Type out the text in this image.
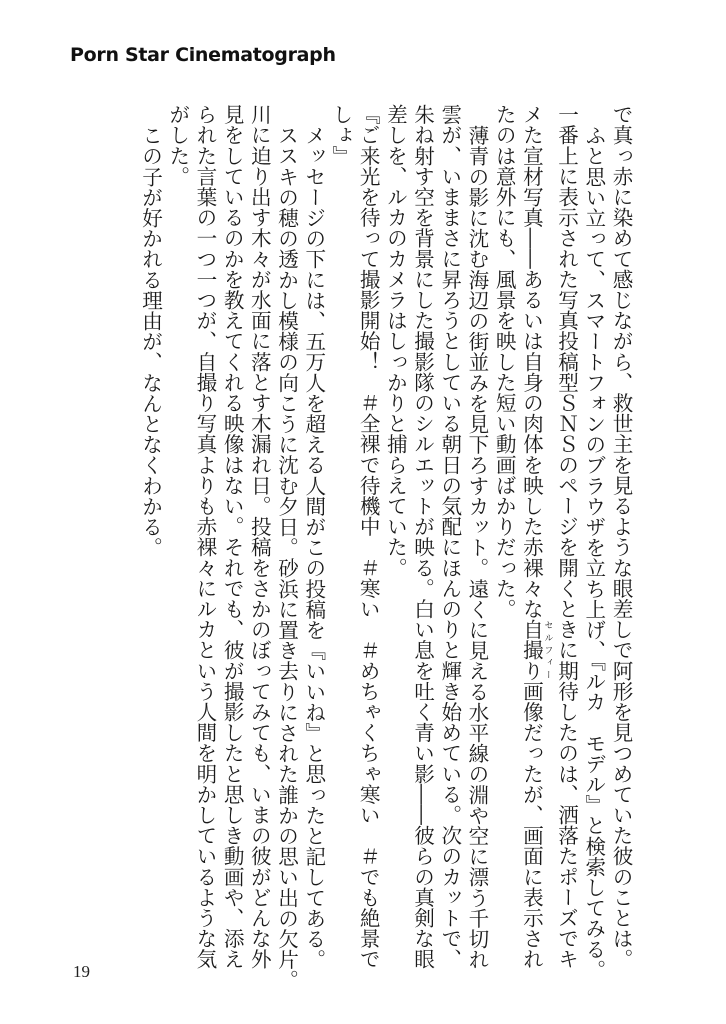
Porn Star Cinematograph
で真っ赤に染めて感じながら、救世主を見るような眼差しで阿形を見つめていた彼のことは。
ふと思い立って、スマートフォンのブラウザを立ち上げ、『ルカ　モデル』と検索してみる。
一番上に表示された写真投稿型ＳＮＳのページを開くときに期待したのは、洒落たポーズでキ
メた宣材写真――あるいは自身の肉体を映した赤裸々な自撮り セルフィー画像だったが、画面に表示され
たのは意外にも、風景を映した短い動画ばかりだった。
薄青の影に沈む海辺の街並みを見下ろすカット。遠くに見える水平線の淵や空に漂う千切れ
雲が、いままさに昇ろうとしている朝日の気配にほんのりと輝き始めている。次のカットで、
朱ね射す空を背景にした撮影隊のシルエットが映る。白い息を吐く青い影――彼らの真剣な眼
差しを、ルカのカメラはしっかりと捕らえていた。
『ご来光を待って撮影開始！　＃全裸で待機中　＃寒い　＃めちゃくちゃ寒い　＃でも絶景で
しょ』
メッセージの下には、五万人を超える人間がこの投稿を『いいね』と思ったと記してある。
ススキの穂の透かし模様の向こうに沈む夕日。砂浜に置き去りにされた誰かの思い出の欠片。
川に迫り出す木々が水面に落とす木漏れ日。投稿をさかのぼってみても、いまの彼がどんな外
見をしているのかを教えてくれる映像はない。それでも、彼が撮影したと思しき動画や、添え
られた言葉の一つ一つが、自撮り写真よりも赤裸々にルカという人間を明かしているような気
がした。
この子が好かれる理由が、なんとなくわかる。
19
